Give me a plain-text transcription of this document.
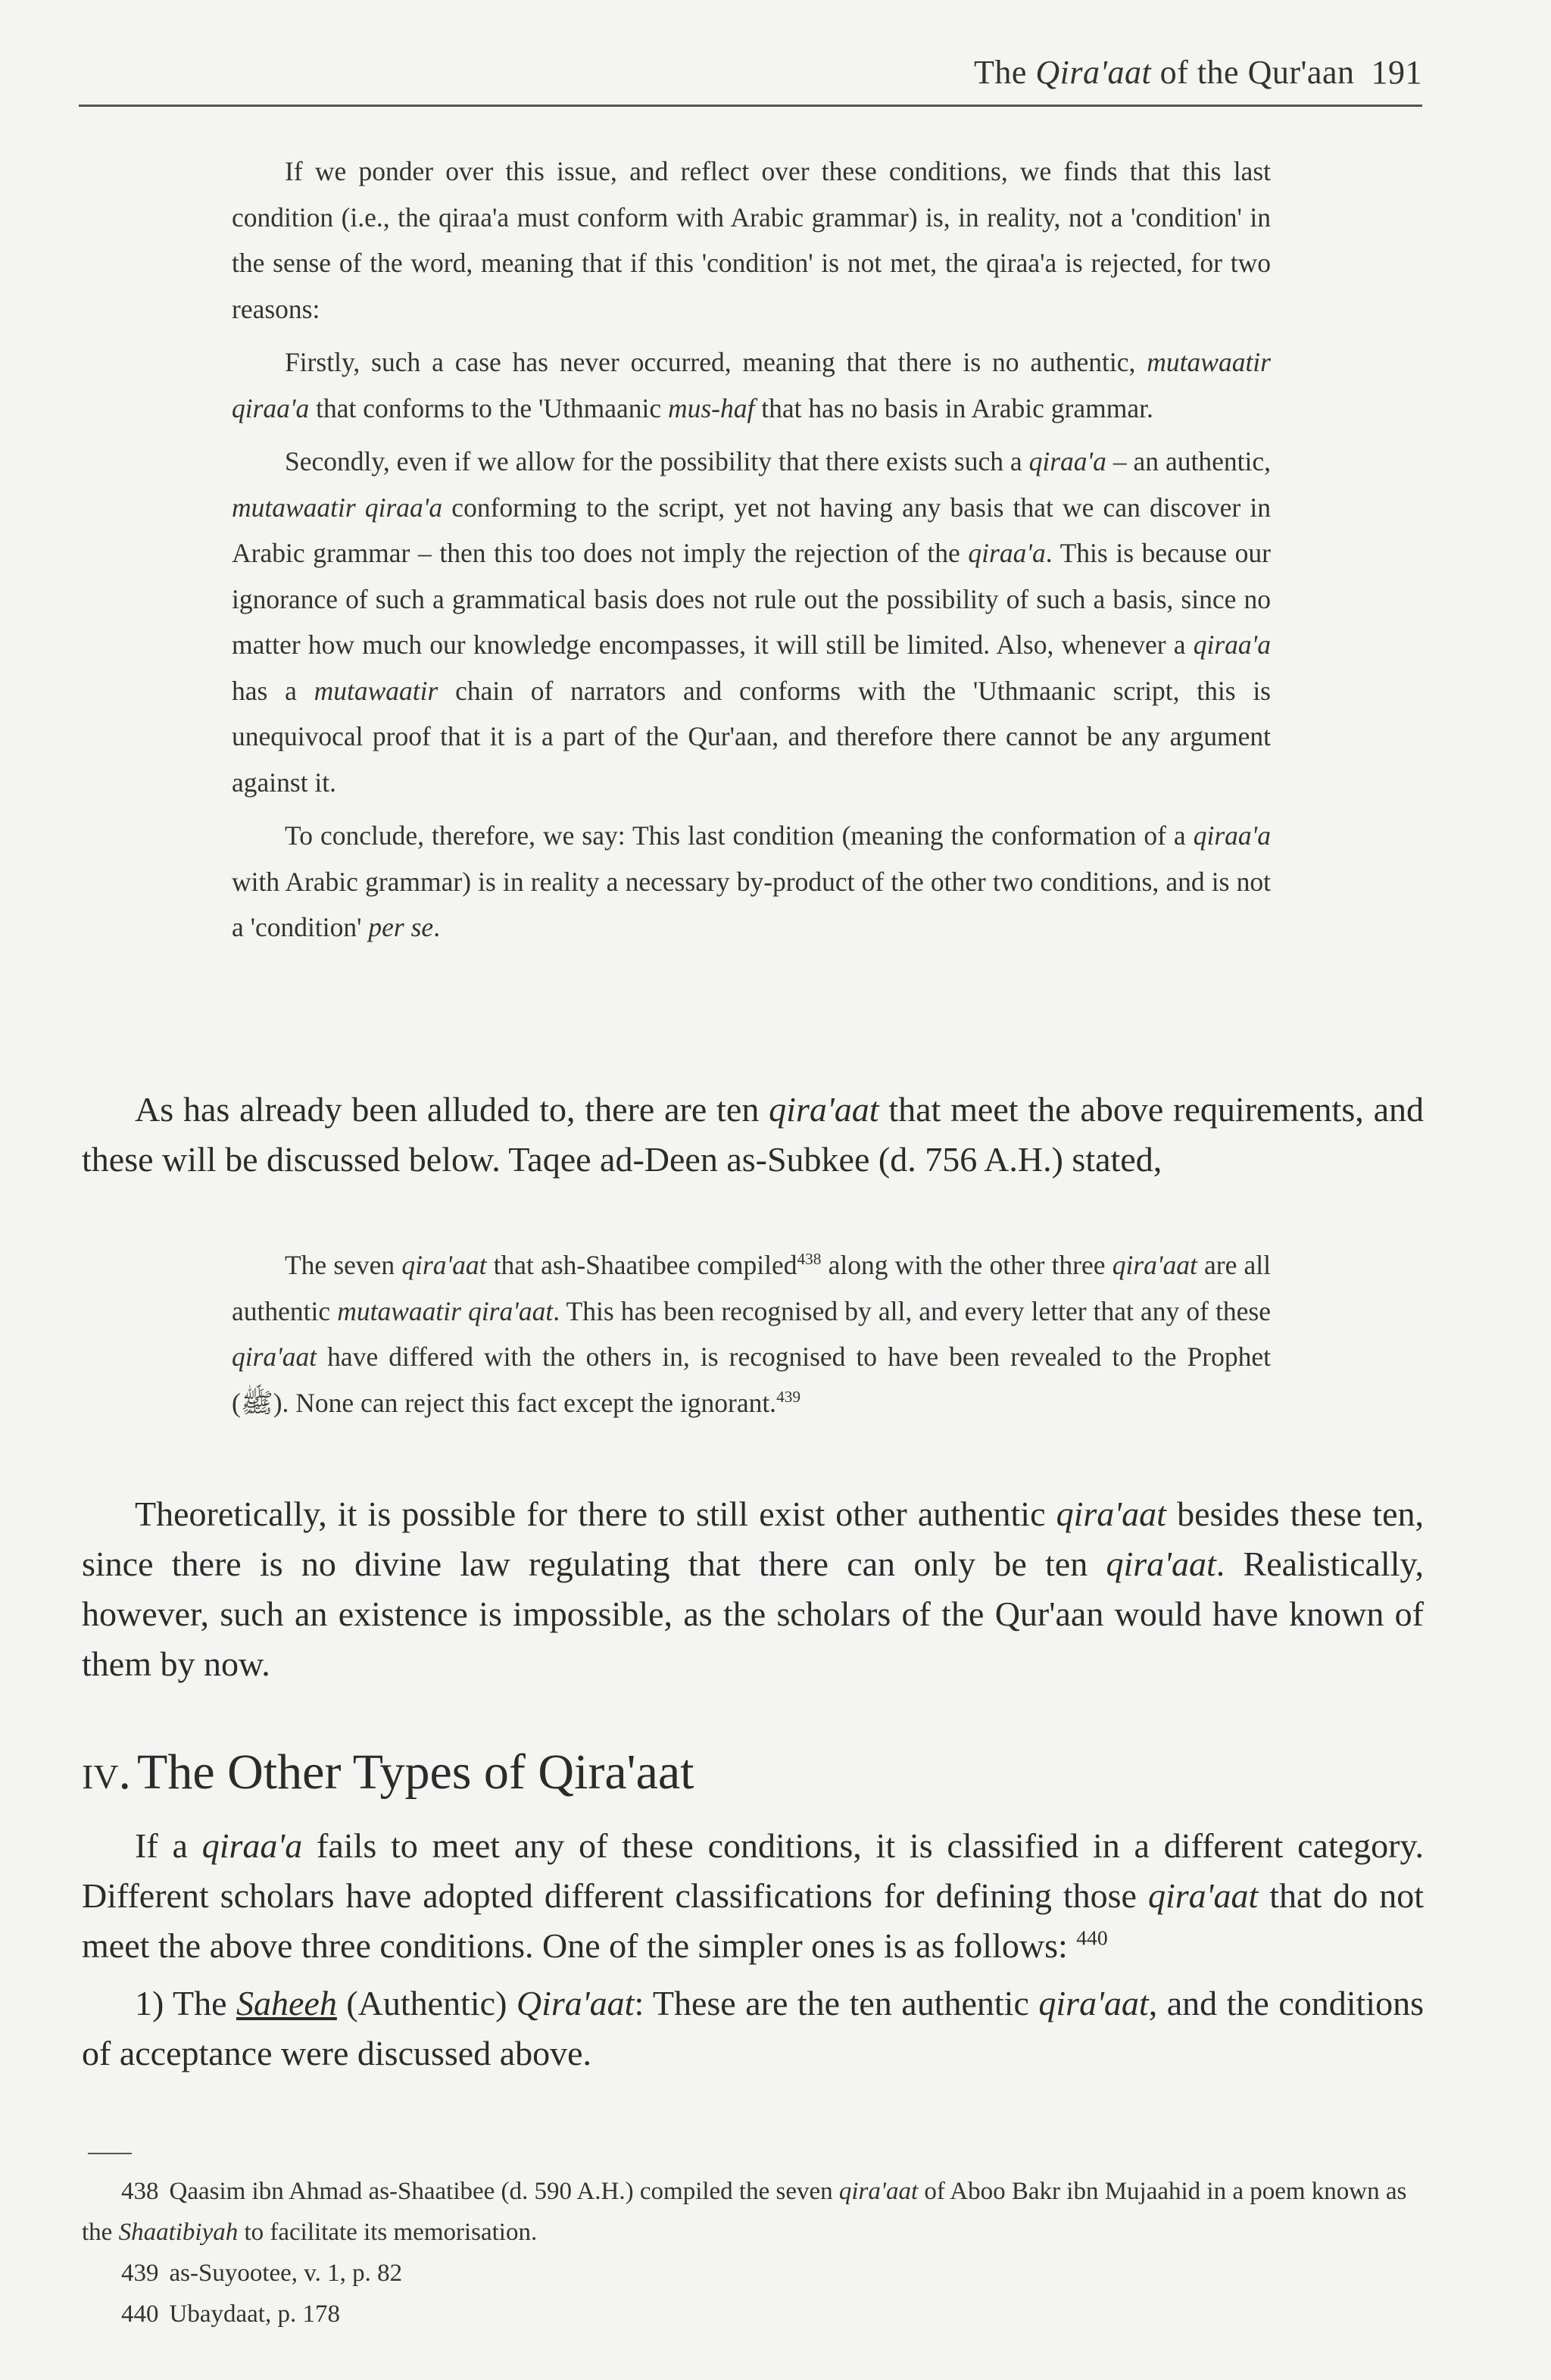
The Qira'aat of the Qur'aan 191

If we ponder over this issue, and reflect over these conditions, we finds that this last condition (i.e., the qiraa'a must conform with Arabic grammar) is, in reality, not a 'condition' in the sense of the word, meaning that if this 'condition' is not met, the qiraa'a is rejected, for two reasons:

Firstly, such a case has never occurred, meaning that there is no authentic, mutawaatir qiraa'a that conforms to the 'Uthmaanic mus-haf that has no basis in Arabic grammar.

Secondly, even if we allow for the possibility that there exists such a qiraa'a – an authentic, mutawaatir qiraa'a conforming to the script, yet not having any basis that we can discover in Arabic grammar – then this too does not imply the rejection of the qiraa'a. This is because our ignorance of such a grammatical basis does not rule out the possibility of such a basis, since no matter how much our knowledge encompasses, it will still be limited. Also, whenever a qiraa'a has a mutawaatir chain of narrators and conforms with the 'Uthmaanic script, this is unequivocal proof that it is a part of the Qur'aan, and therefore there cannot be any argument against it.

To conclude, therefore, we say: This last condition (meaning the conformation of a qiraa'a with Arabic grammar) is in reality a necessary by-product of the other two conditions, and is not a 'condition' per se.

As has already been alluded to, there are ten qira'aat that meet the above requirements, and these will be discussed below. Taqee ad-Deen as-Subkee (d. 756 A.H.) stated,

The seven qira'aat that ash-Shaatibee compiled$^{438}$ along with the other three qira'aat are all authentic mutawaatir qira'aat. This has been recognised by all, and every letter that any of these qira'aat have differed with the others in, is recognised to have been revealed to the Prophet (ﷺ). None can reject this fact except the ignorant.$^{439}$

Theoretically, it is possible for there to still exist other authentic qira'aat besides these ten, since there is no divine law regulating that there can only be ten qira'aat. Realistically, however, such an existence is impossible, as the scholars of the Qur'aan would have known of them by now.

iv. The Other Types of Qira'aat

If a qiraa'a fails to meet any of these conditions, it is classified in a different category. Different scholars have adopted different classifications for defining those qira'aat that do not meet the above three conditions. One of the simpler ones is as follows: $^{440}$

1) The Saheeh (Authentic) Qira'aat: These are the ten authentic qira'aat, and the conditions of acceptance were discussed above.

438 Qaasim ibn Ahmad as-Shaatibee (d. 590 A.H.) compiled the seven qira'aat of Aboo Bakr ibn Mujaahid in a poem known as the Shaatibiyah to facilitate its memorisation.
439 as-Suyootee, v. 1, p. 82
440 Ubaydaat, p. 178
